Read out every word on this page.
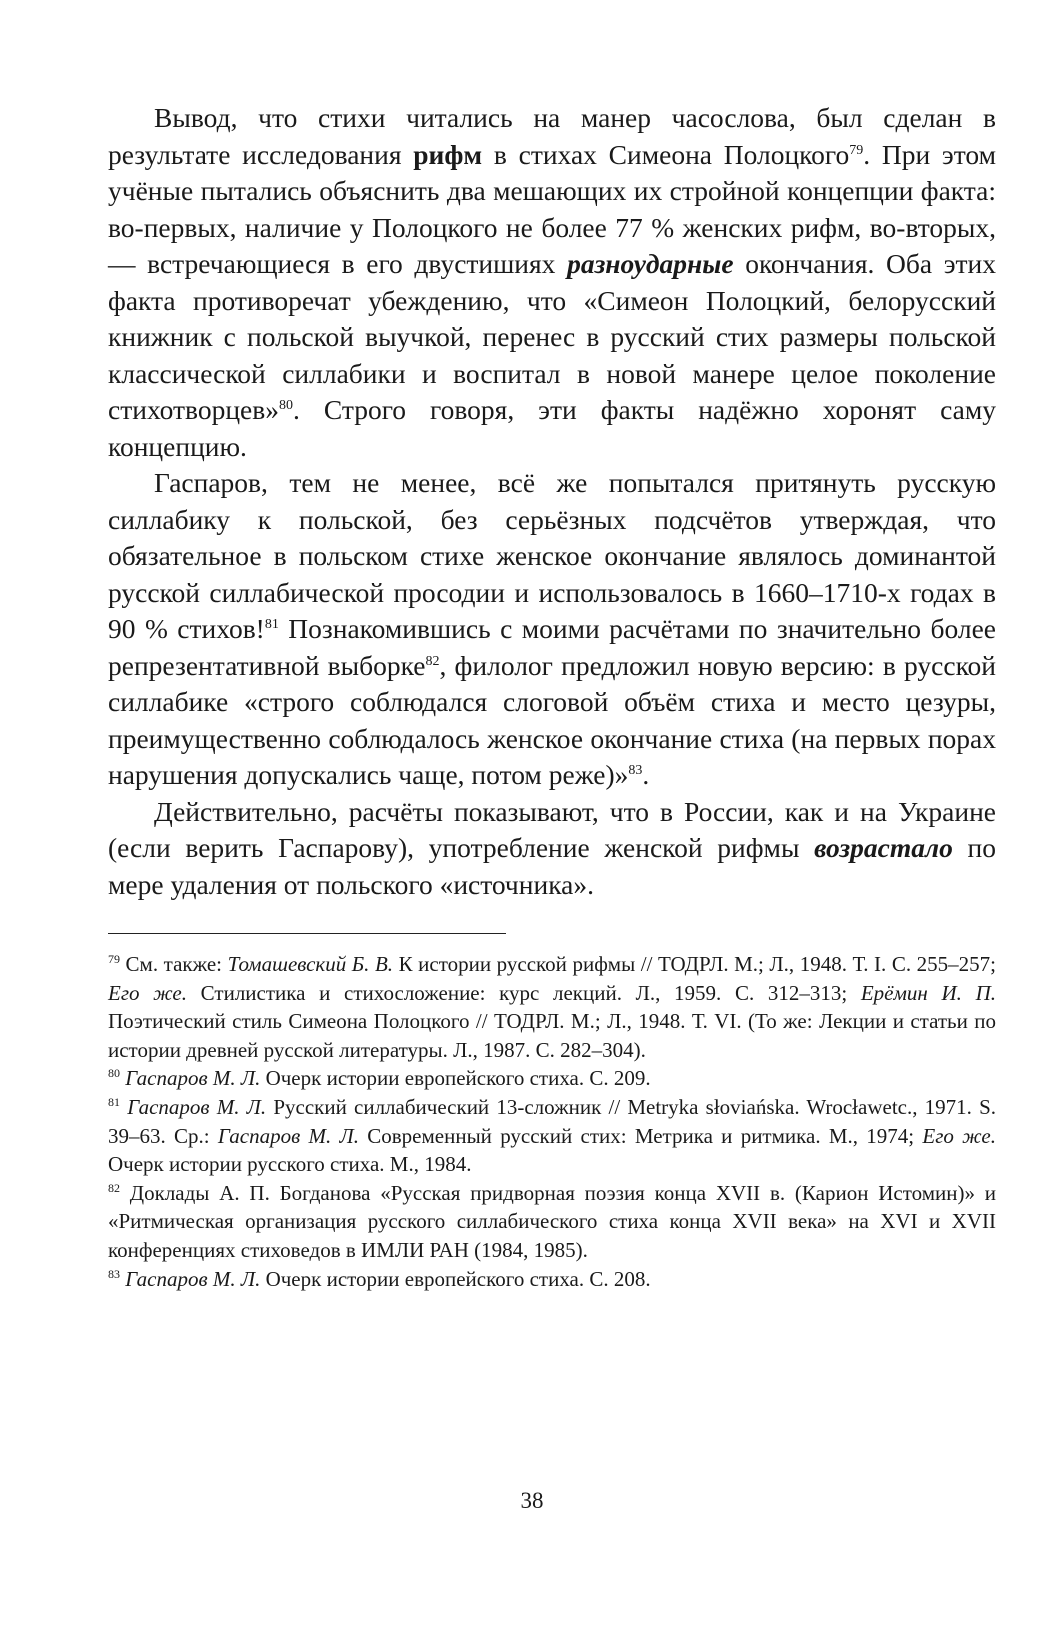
Вывод, что стихи читались на манер часослова, был сделан в результате исследования рифм в стихах Симеона Полоцкого$^{79}$. При этом учёные пытались объяснить два мешающих их стройной концепции факта: во-первых, наличие у Полоцкого не более 77 % женских рифм, во-вторых, — встречающиеся в его двустишиях разноударные окончания. Оба этих факта противоречат убеждению, что «Симеон Полоцкий, белорусский книжник с польской выучкой, перенес в русский стих размеры польской классической силлабики и воспитал в новой манере целое поколение стихотворцев»$^{80}$. Строго говоря, эти факты надёжно хоронят саму концепцию.

Гаспаров, тем не менее, всё же попытался притянуть русскую силлабику к польской, без серьёзных подсчётов утверждая, что обязательное в польском стихе женское окончание являлось доминантой русской силлабической просодии и использовалось в 1660–1710-х годах в 90 % стихов!$^{81}$ Познакомившись с моими расчётами по значительно более репрезентативной выборке$^{82}$, филолог предложил новую версию: в русской силлабике «строго соблюдался слоговой объём стиха и место цезуры, преимущественно соблюдалось женское окончание стиха (на первых порах нарушения допускались чаще, потом реже)»$^{83}$.

Действительно, расчёты показывают, что в России, как и на Украине (если верить Гаспарову), употребление женской рифмы возрастало по мере удаления от польского «источника».

$^{79}$ См. также: Томашевский Б. В. К истории русской рифмы // ТОДРЛ. М.; Л., 1948. Т. I. С. 255–257; Его же. Стилистика и стихосложение: курс лекций. Л., 1959. С. 312–313; Ерёмин И. П. Поэтический стиль Симеона Полоцкого // ТОДРЛ. М.; Л., 1948. Т. VI. (То же: Лекции и статьи по истории древней русской литературы. Л., 1987. С. 282–304).

$^{80}$ Гаспаров М. Л. Очерк истории европейского стиха. С. 209.

$^{81}$ Гаспаров М. Л. Русский силлабический 13-сложник // Metryka słoviańska. Wrocławetc., 1971. S. 39–63. Ср.: Гаспаров М. Л. Современный русский стих: Метрика и ритмика. М., 1974; Его же. Очерк истории русского стиха. М., 1984.

$^{82}$ Доклады А. П. Богданова «Русская придворная поэзия конца XVII в. (Карион Истомин)» и «Ритмическая организация русского силлабического стиха конца XVII века» на XVI и XVII конференциях стиховедов в ИМЛИ РАН (1984, 1985).

$^{83}$ Гаспаров М. Л. Очерк истории европейского стиха. С. 208.

38
